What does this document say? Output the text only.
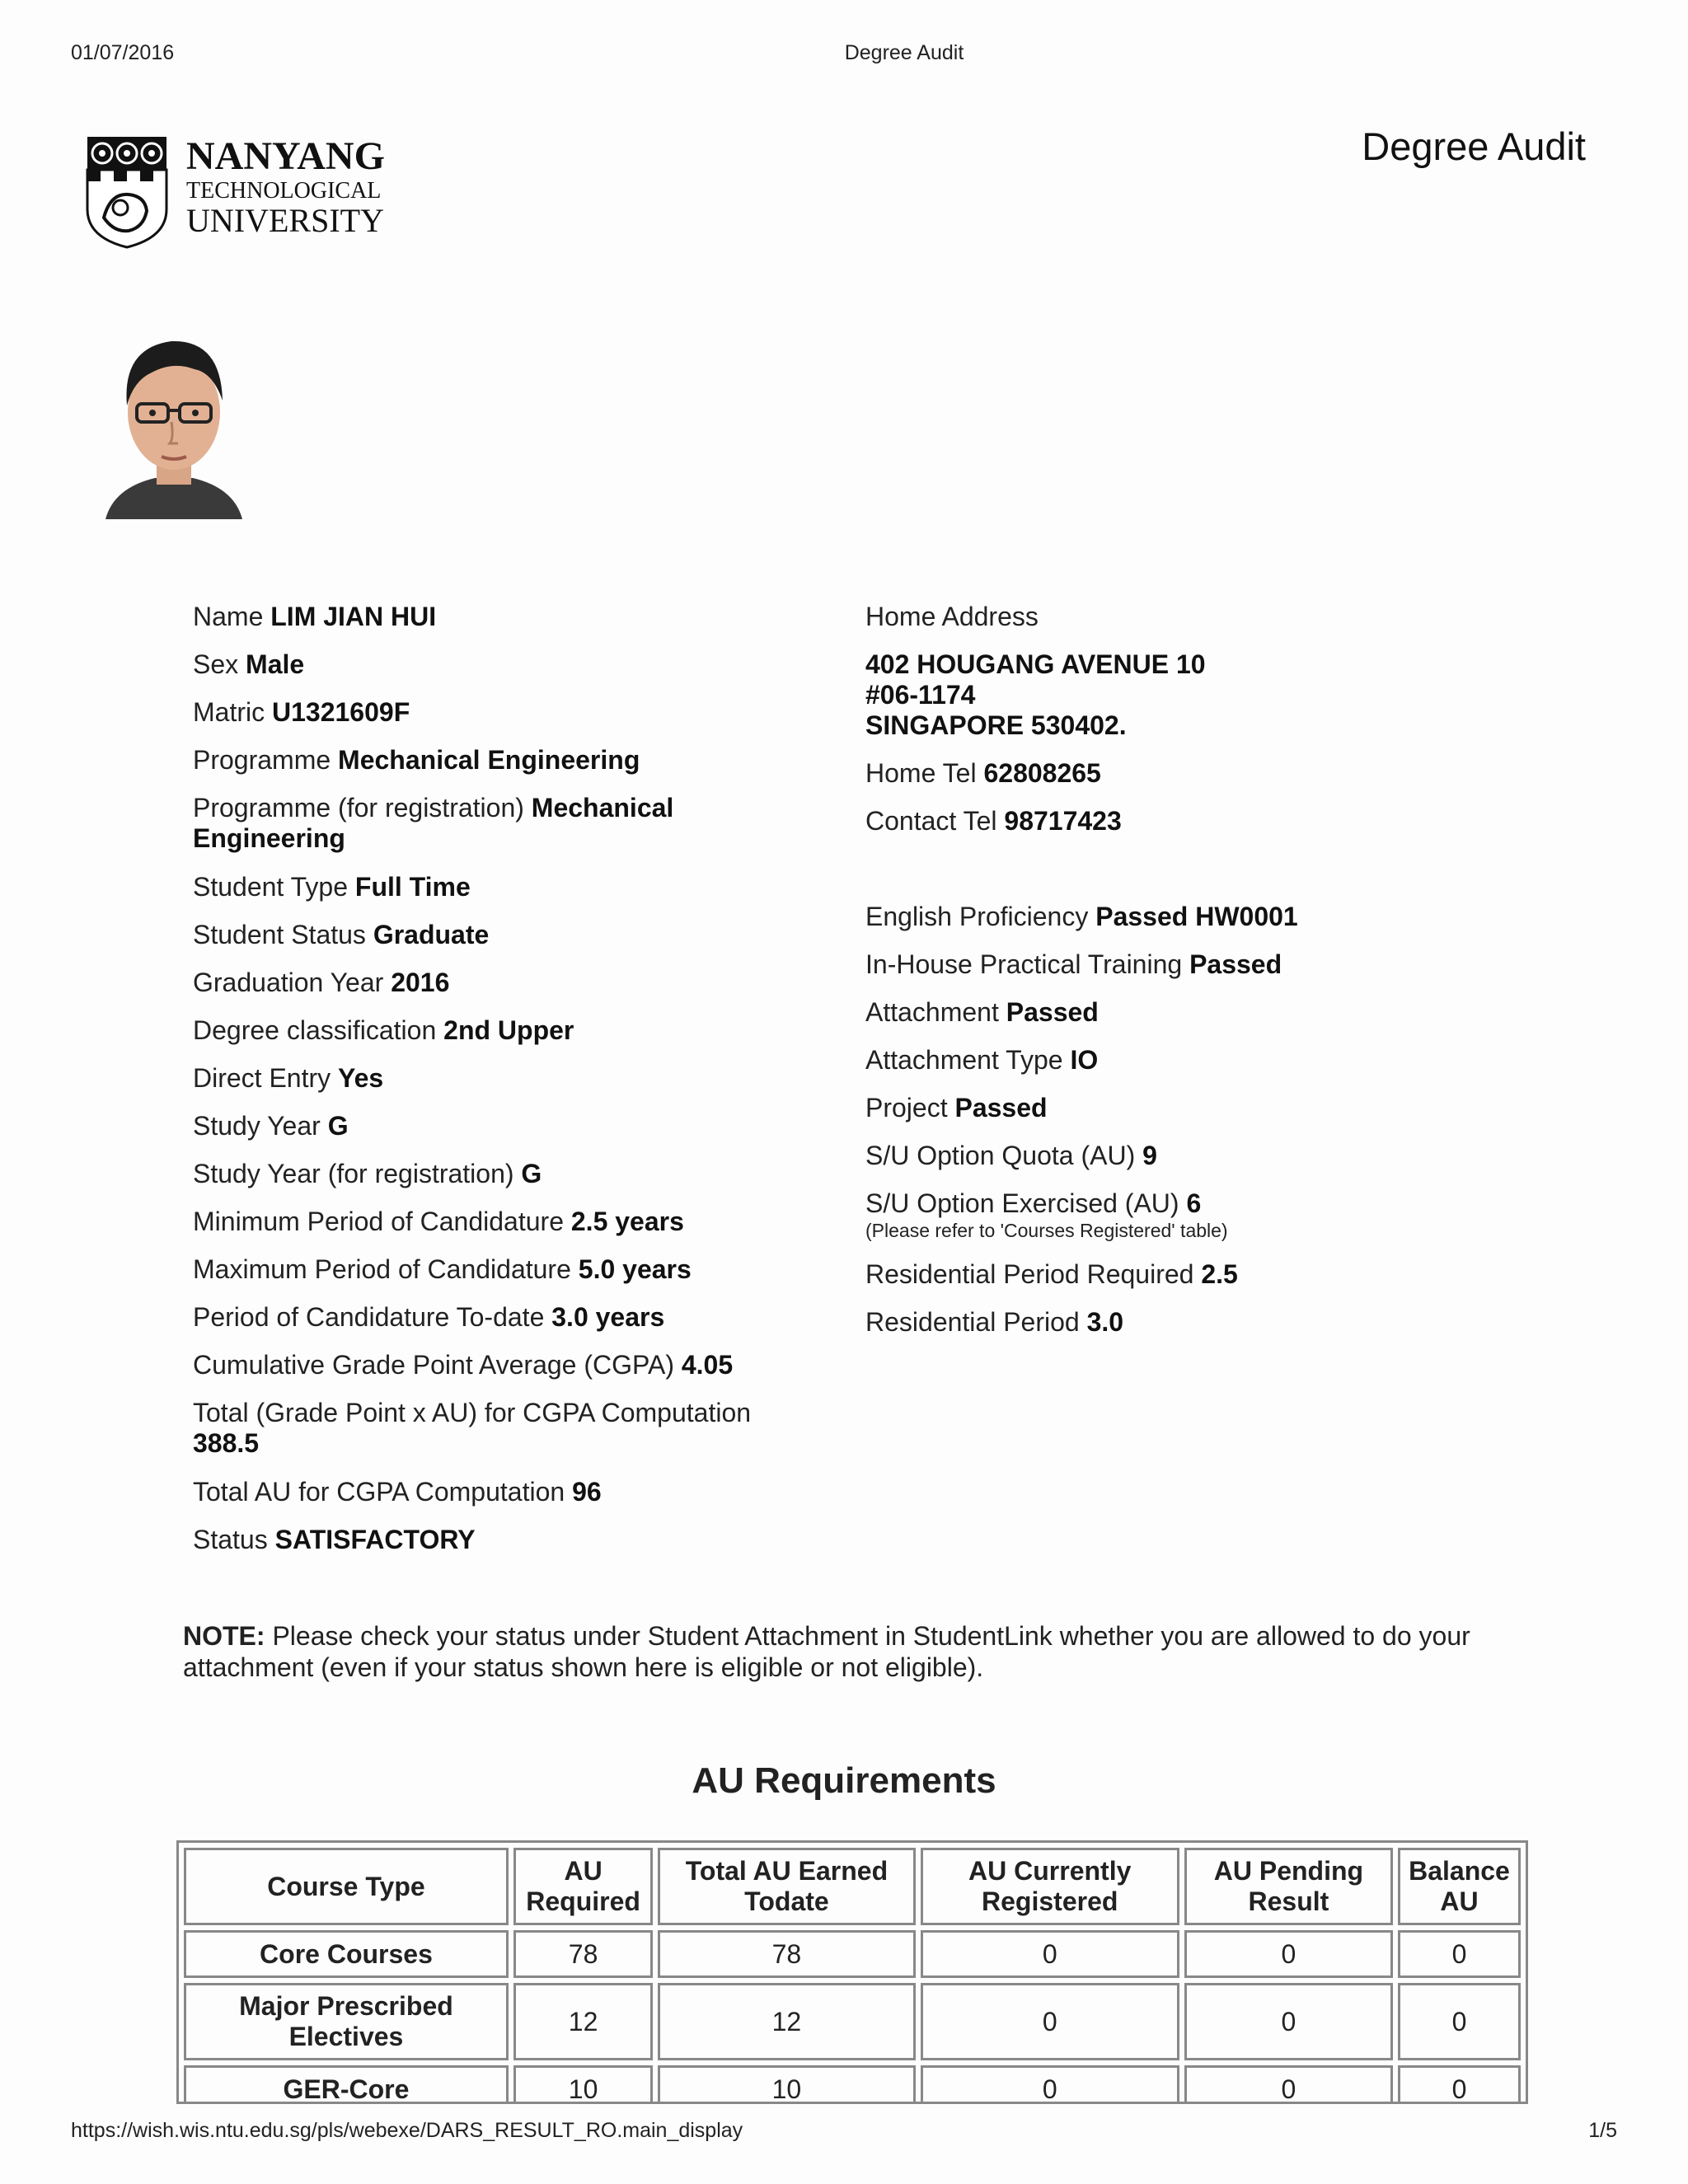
01/07/2016	Degree Audit
NANYANG
TECHNOLOGICAL
UNIVERSITY
Degree Audit
Name LIM JIAN HUI
Sex Male
Matric U1321609F
Programme Mechanical Engineering
Programme (for registration) Mechanical Engineering
Student Type Full Time
Student Status Graduate
Graduation Year 2016
Degree classification 2nd Upper
Direct Entry Yes
Study Year G
Study Year (for registration) G
Minimum Period of Candidature 2.5 years
Maximum Period of Candidature 5.0 years
Period of Candidature To-date 3.0 years
Cumulative Grade Point Average (CGPA) 4.05
Total (Grade Point x AU) for CGPA Computation 388.5
Total AU for CGPA Computation 96
Status SATISFACTORY
Home Address
402 HOUGANG AVENUE 10
#06-1174
SINGAPORE 530402.
Home Tel 62808265
Contact Tel 98717423
English Proficiency Passed HW0001
In-House Practical Training Passed
Attachment Passed
Attachment Type IO
Project Passed
S/U Option Quota (AU) 9
S/U Option Exercised (AU) 6
(Please refer to 'Courses Registered' table)
Residential Period Required 2.5
Residential Period 3.0
NOTE: Please check your status under Student Attachment in StudentLink whether you are allowed to do your attachment (even if your status shown here is eligible or not eligible).
AU Requirements
Course Type	AU Required	Total AU Earned Todate	AU Currently Registered	AU Pending Result	Balance AU
Core Courses	78	78	0	0	0
Major Prescribed Electives	12	12	0	0	0
GER-Core	10	10	0	0	0

https://wish.wis.ntu.edu.sg/pls/webexe/DARS_RESULT_RO.main_display	1/5
